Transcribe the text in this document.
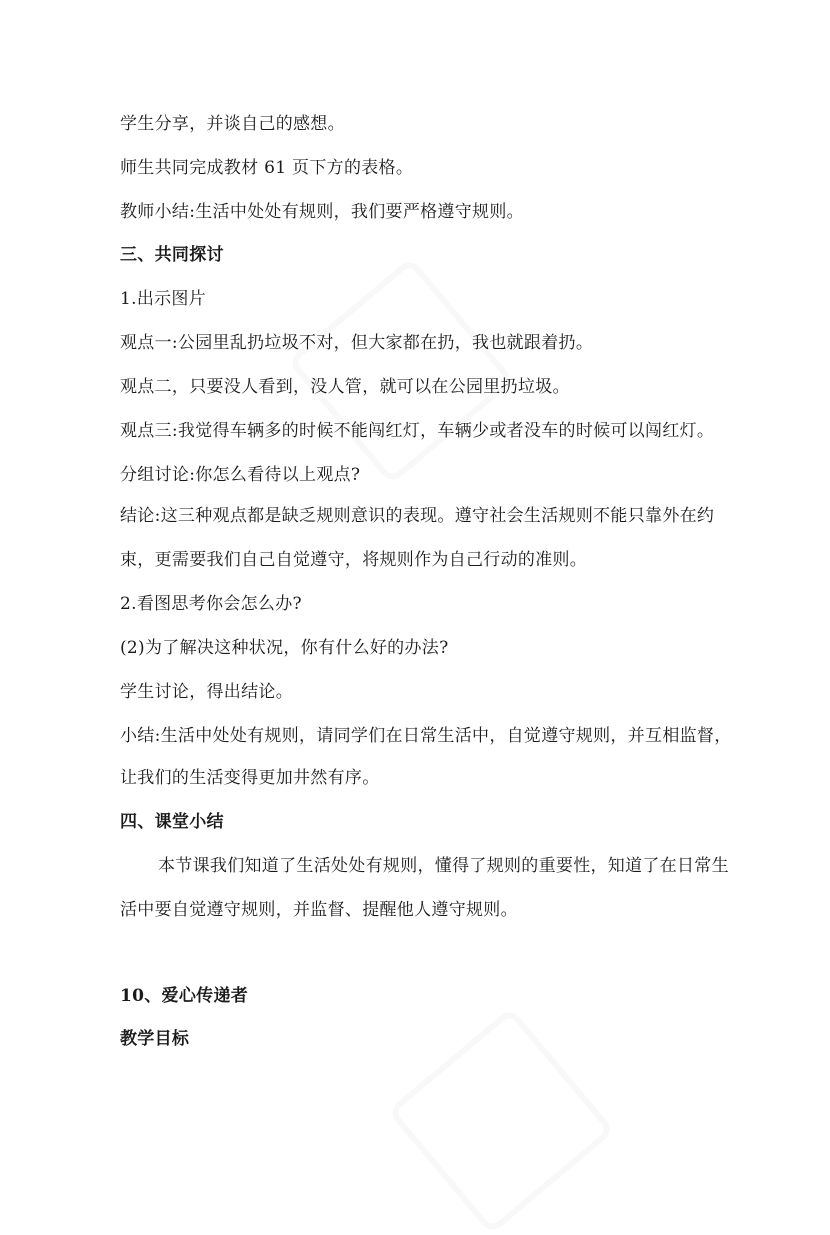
学生分享，并谈自己的感想。
师生共同完成教材 61 页下方的表格。
教师小结:生活中处处有规则，我们要严格遵守规则。
三、共同探讨
1.出示图片
观点一:公园里乱扔垃圾不对，但大家都在扔，我也就跟着扔。
观点二，只要没人看到，没人管，就可以在公园里扔垃圾。
观点三:我觉得车辆多的时候不能闯红灯，车辆少或者没车的时候可以闯红灯。
分组讨论:你怎么看待以上观点?
结论:这三种观点都是缺乏规则意识的表现。遵守社会生活规则不能只靠外在约
束，更需要我们自己自觉遵守，将规则作为自己行动的准则。
2.看图思考你会怎么办?
(2)为了解决这种状况，你有什么好的办法?
学生讨论，得出结论。
小结:生活中处处有规则，请同学们在日常生活中，自觉遵守规则，并互相监督，
让我们的生活变得更加井然有序。
四、课堂小结
本节课我们知道了生活处处有规则，懂得了规则的重要性，知道了在日常生
活中要自觉遵守规则，并监督、提醒他人遵守规则。
10、爱心传递者
教学目标
